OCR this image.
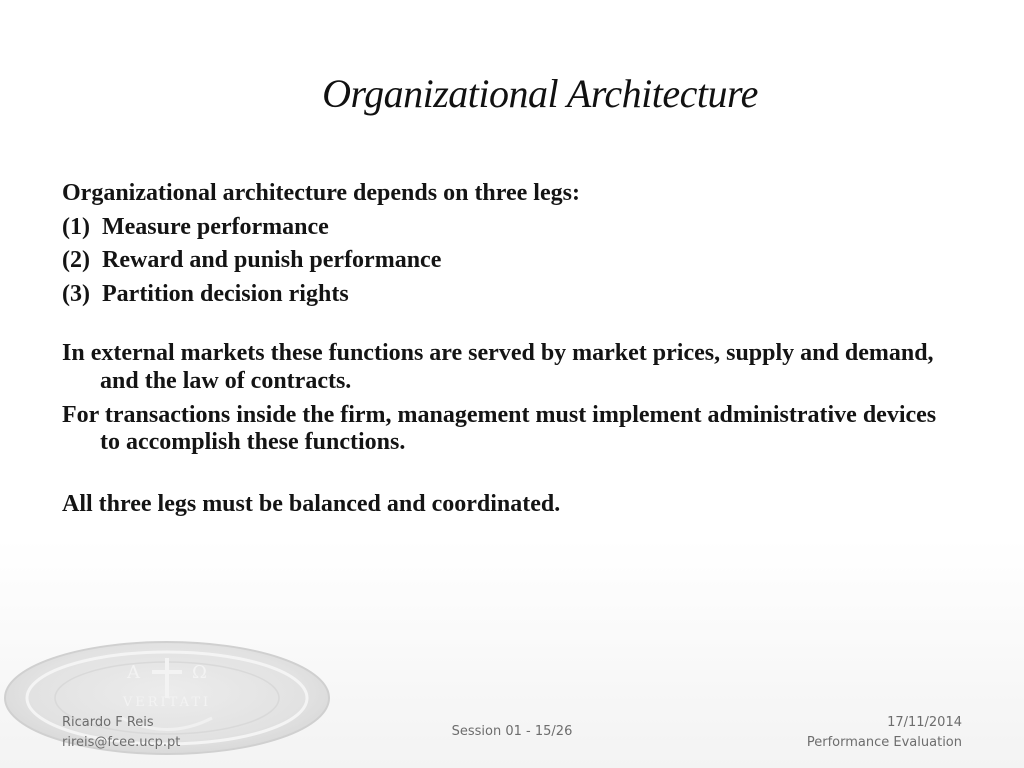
Organizational Architecture
Organizational architecture depends on three legs:
(1) Measure performance
(2) Reward and punish performance
(3) Partition decision rights
In external markets these functions are served by market prices, supply and demand, and the law of contracts.
For transactions inside the firm, management must implement administrative devices to accomplish these functions.
All three legs must be balanced and coordinated.
Α	Ω
VERITATI
Ricardo F Reis
rireis@fcee.ucp.pt
Session 01 - 15/26
17/11/2014
Performance Evaluation
